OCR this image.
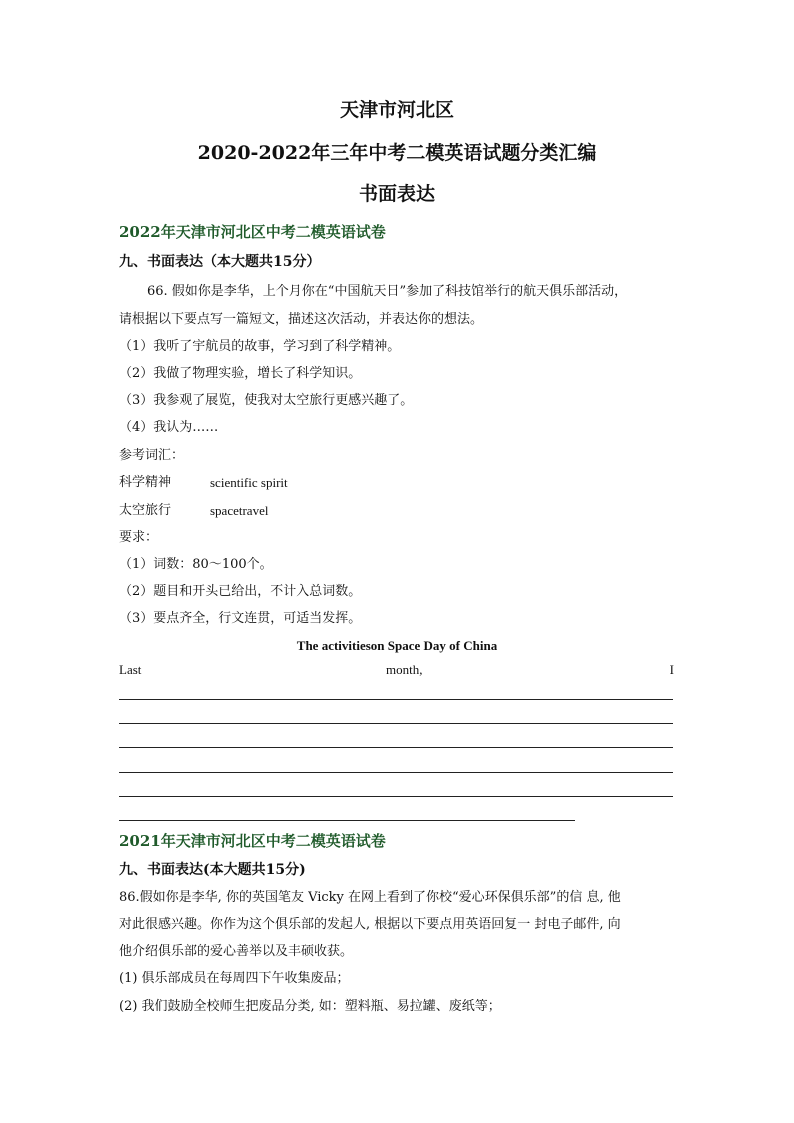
天津市河北区
2020-2022年三年中考二模英语试题分类汇编
书面表达
2022年天津市河北区中考二模英语试卷
九、书面表达（本大题共15分）
66. 假如你是李华，上个月你在“中国航天日”参加了科技馆举行的航天俱乐部活动，
请根据以下要点写一篇短文，描述这次活动，并表达你的想法。
（1）我听了宇航员的故事，学习到了科学精神。
（2）我做了物理实验，增长了科学知识。
（3）我参观了展览，使我对太空旅行更感兴趣了。
（4）我认为……
参考词汇：
科学精神	scientific spirit
太空旅行	spacetravel
要求：
（1）词数：80～100个。
（2）题目和开头已给出，不计入总词数。
（3）要点齐全，行文连贯，可适当发挥。
The activitieson Space Day of China
Last	month,	I
2021年天津市河北区中考二模英语试卷
九、书面表达(本大题共15分)
86.假如你是李华, 你的英国笔友 Vicky 在网上看到了你校“爱心环保俱乐部”的信 息, 他
对此很感兴趣。你作为这个俱乐部的发起人, 根据以下要点用英语回复一 封电子邮件, 向
他介绍俱乐部的爱心善举以及丰硕收获。
(1) 俱乐部成员在每周四下午收集废品；
(2) 我们鼓励全校师生把废品分类, 如：塑料瓶、易拉罐、废纸等；
